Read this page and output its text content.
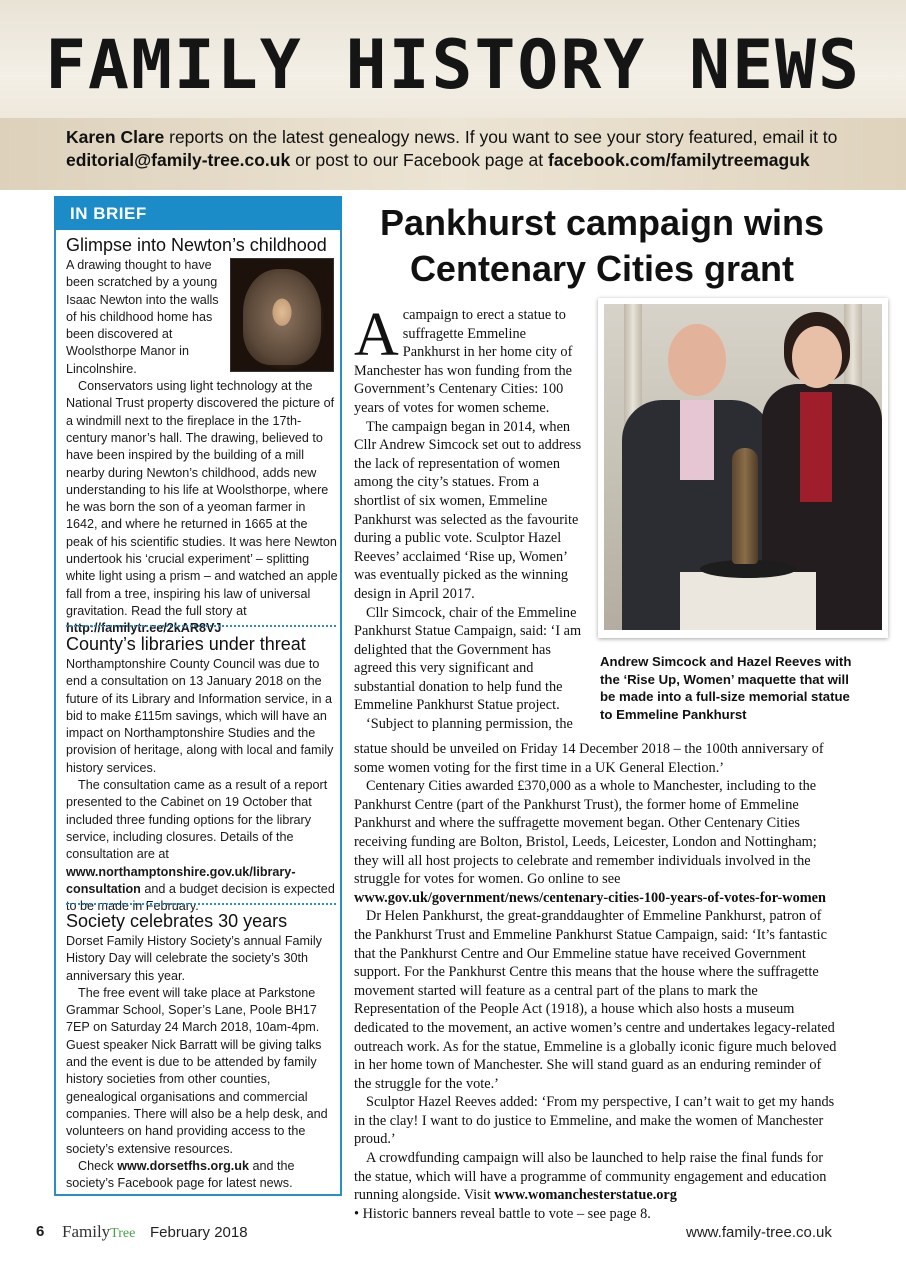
FAMILY HISTORY NEWS
Karen Clare reports on the latest genealogy news. If you want to see your story featured, email it to editorial@family-tree.co.uk or post to our Facebook page at facebook.com/familytreemaguk
IN BRIEF
Glimpse into Newton’s childhood

A drawing thought to have been scratched by a young Isaac Newton into the walls of his childhood home has been discovered at Woolsthorpe Manor in Lincolnshire.

Conservators using light technology at the National Trust property discovered the picture of a windmill next to the fireplace in the 17th-century manor’s hall. The drawing, believed to have been inspired by the building of a mill nearby during Newton’s childhood, adds new understanding to his life at Woolsthorpe, where he was born the son of a yeoman farmer in 1642, and where he returned in 1665 at the peak of his scientific studies. It was here Newton undertook his ‘crucial experiment’ – splitting white light using a prism – and watched an apple fall from a tree, inspiring his law of universal gravitation. Read the full story at http://familytr.ee/2kAR8VJ

County’s libraries under threat

Northamptonshire County Council was due to end a consultation on 13 January 2018 on the future of its Library and Information service, in a bid to make £115m savings, which will have an impact on Northamptonshire Studies and the provision of heritage, along with local and family history services.

The consultation came as a result of a report presented to the Cabinet on 19 October that included three funding options for the library service, including closures. Details of the consultation are at www.northamptonshire.gov.uk/library-consultation and a budget decision is expected to be made in February.

Society celebrates 30 years

Dorset Family History Society’s annual Family History Day will celebrate the society’s 30th anniversary this year.

The free event will take place at Parkstone Grammar School, Soper’s Lane, Poole BH17 7EP on Saturday 24 March 2018, 10am-4pm. Guest speaker Nick Barratt will be giving talks and the event is due to be attended by family history societies from other counties, genealogical organisations and commercial companies. There will also be a help desk, and volunteers on hand providing access to the society’s extensive resources.

Check www.dorsetfhs.org.uk and the society’s Facebook page for latest news.

Pankhurst campaign wins Centenary Cities grant

A campaign to erect a statue to suffragette Emmeline Pankhurst in her home city of Manchester has won funding from the Government’s Centenary Cities: 100 years of votes for women scheme.

The campaign began in 2014, when Cllr Andrew Simcock set out to address the lack of representation of women among the city’s statues. From a shortlist of six women, Emmeline Pankhurst was selected as the favourite during a public vote. Sculptor Hazel Reeves’ acclaimed ‘Rise up, Women’ was eventually picked as the winning design in April 2017.

Cllr Simcock, chair of the Emmeline Pankhurst Statue Campaign, said: ‘I am delighted that the Government has agreed this very significant and substantial donation to help fund the Emmeline Pankhurst Statue project.

‘Subject to planning permission, the

Andrew Simcock and Hazel Reeves with the ‘Rise Up, Women’ maquette that will be made into a full-size memorial statue to Emmeline Pankhurst

statue should be unveiled on Friday 14 December 2018 – the 100th anniversary of some women voting for the first time in a UK General Election.’

Centenary Cities awarded £370,000 as a whole to Manchester, including to the Pankhurst Centre (part of the Pankhurst Trust), the former home of Emmeline Pankhurst and where the suffragette movement began. Other Centenary Cities receiving funding are Bolton, Bristol, Leeds, Leicester, London and Nottingham; they will all host projects to celebrate and remember individuals involved in the struggle for votes for women. Go online to see www.gov.uk/government/news/centenary-cities-100-years-of-votes-for-women

Dr Helen Pankhurst, the great-granddaughter of Emmeline Pankhurst, patron of the Pankhurst Trust and Emmeline Pankhurst Statue Campaign, said: ‘It’s fantastic that the Pankhurst Centre and Our Emmeline statue have received Government support. For the Pankhurst Centre this means that the house where the suffragette movement started will feature as a central part of the plans to mark the Representation of the People Act (1918), a house which also hosts a museum dedicated to the movement, an active women’s centre and undertakes legacy-related outreach work. As for the statue, Emmeline is a globally iconic figure much beloved in her home town of Manchester. She will stand guard as an enduring reminder of the struggle for the vote.’

Sculptor Hazel Reeves added: ‘From my perspective, I can’t wait to get my hands in the clay! I want to do justice to Emmeline, and make the women of Manchester proud.’

A crowdfunding campaign will also be launched to help raise the final funds for the statue, which will have a programme of community engagement and education running alongside. Visit www.womanchesterstatue.org

• Historic banners reveal battle to vote – see page 8.

6 FamilyTree February 2018	www.family-tree.co.uk
